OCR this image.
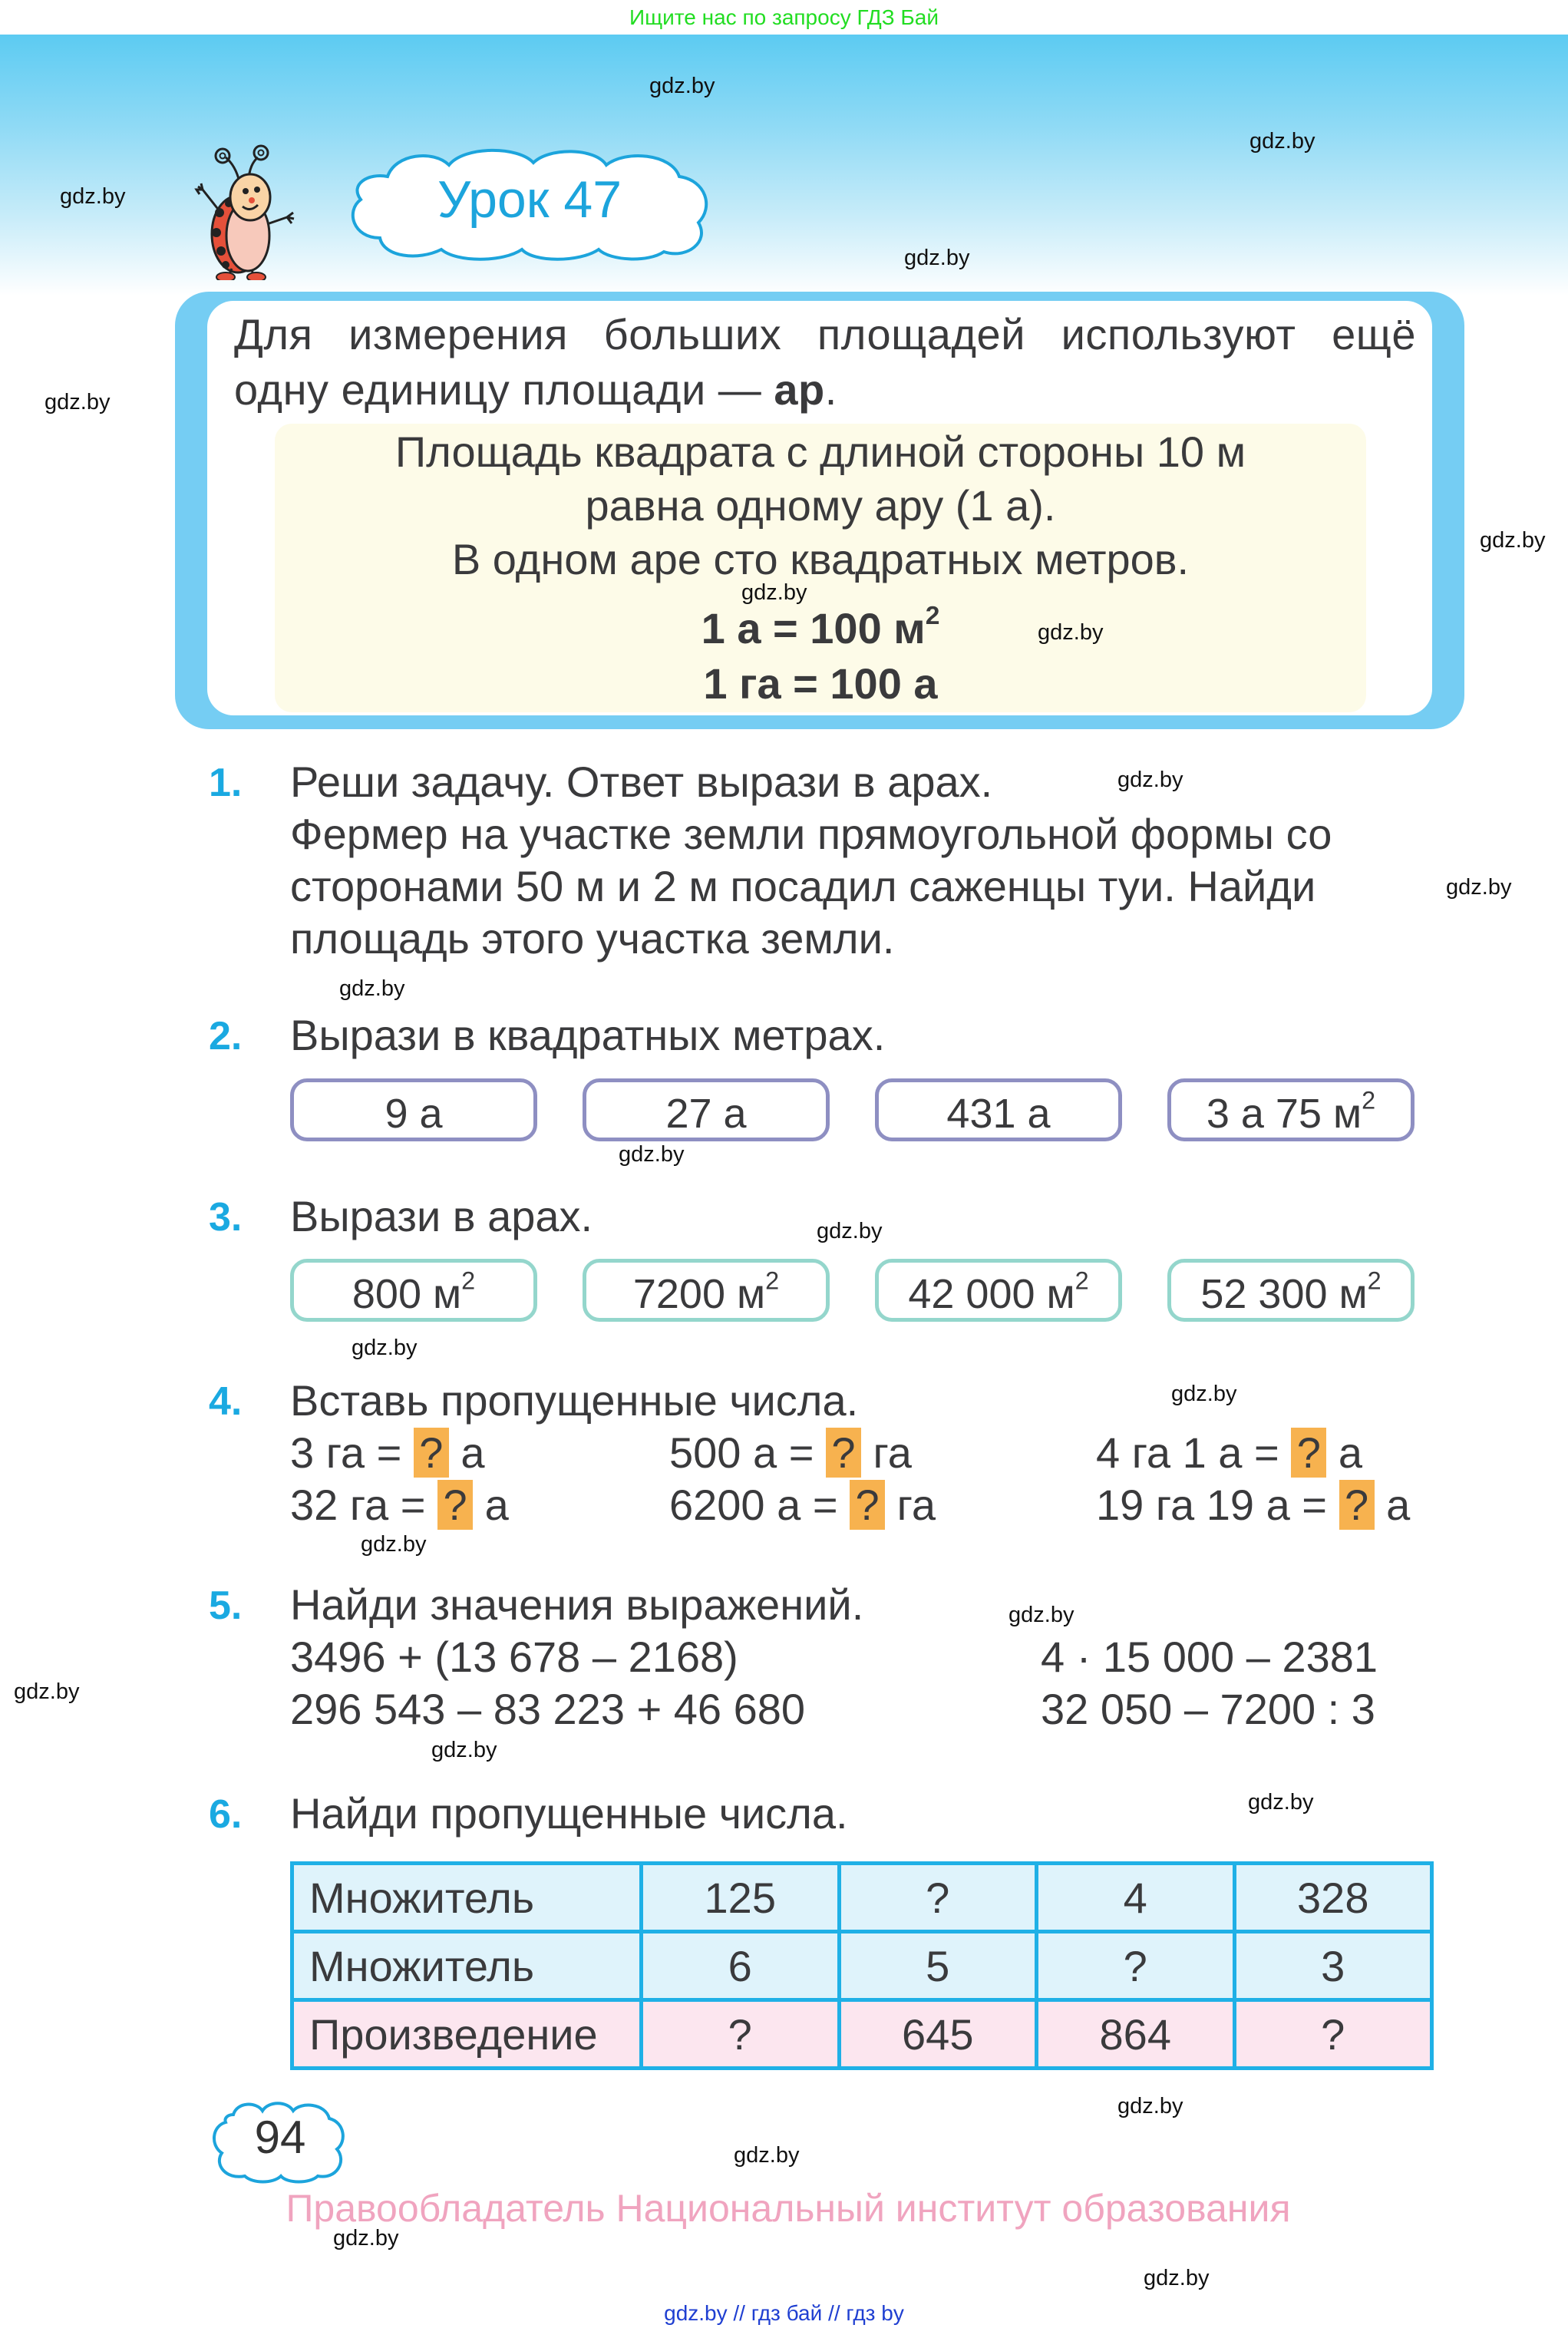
Ищите нас по запросу ГДЗ Бай
Урок 47
Для измерения больших площадей используют ещё
одну единицу площади — ар.
Площадь квадрата с длиной стороны 10 м
равна одному ару (1 а).
В одном аре сто квадратных метров.
1 а = 100 $м^2$
1 га = 100 а
1. Реши задачу. Ответ вырази в арах.
Фермер на участке земли прямоугольной формы со
сторонами 50 м и 2 м посадил саженцы туи. Найди
площадь этого участка земли.
2. Вырази в квадратных метрах.
9 а	27 а	431 а	3 а 75 $м^2$
3. Вырази в арах.
800 $м^2$	7200 $м^2$	42 000 $м^2$	52 300 $м^2$
4. Вставь пропущенные числа.
3 га = ? а	500 а = ? га	4 га 1 а = ? а
32 га = ? а	6200 а = ? га	19 га 19 а = ? а
5. Найди значения выражений.
3496 + (13 678 – 2168)
296 543 – 83 223 + 46 680
4 · 15 000 – 2381
32 050 – 7200 : 3
6. Найди пропущенные числа.
Множитель	125	?	4	328
Множитель	6	5	?	3
Произведение	?	645	864	?
94
Правообладатель Национальный институт образования
gdz.by // гдз бай // гдз by
gdz.by
gdz.by
gdz.by
gdz.by
gdz.by
gdz.by
gdz.by
gdz.by
gdz.by
gdz.by
gdz.by
gdz.by
gdz.by
gdz.by
gdz.by
gdz.by
gdz.by
gdz.by
gdz.by
gdz.by
gdz.by
gdz.by
gdz.by
gdz.by
